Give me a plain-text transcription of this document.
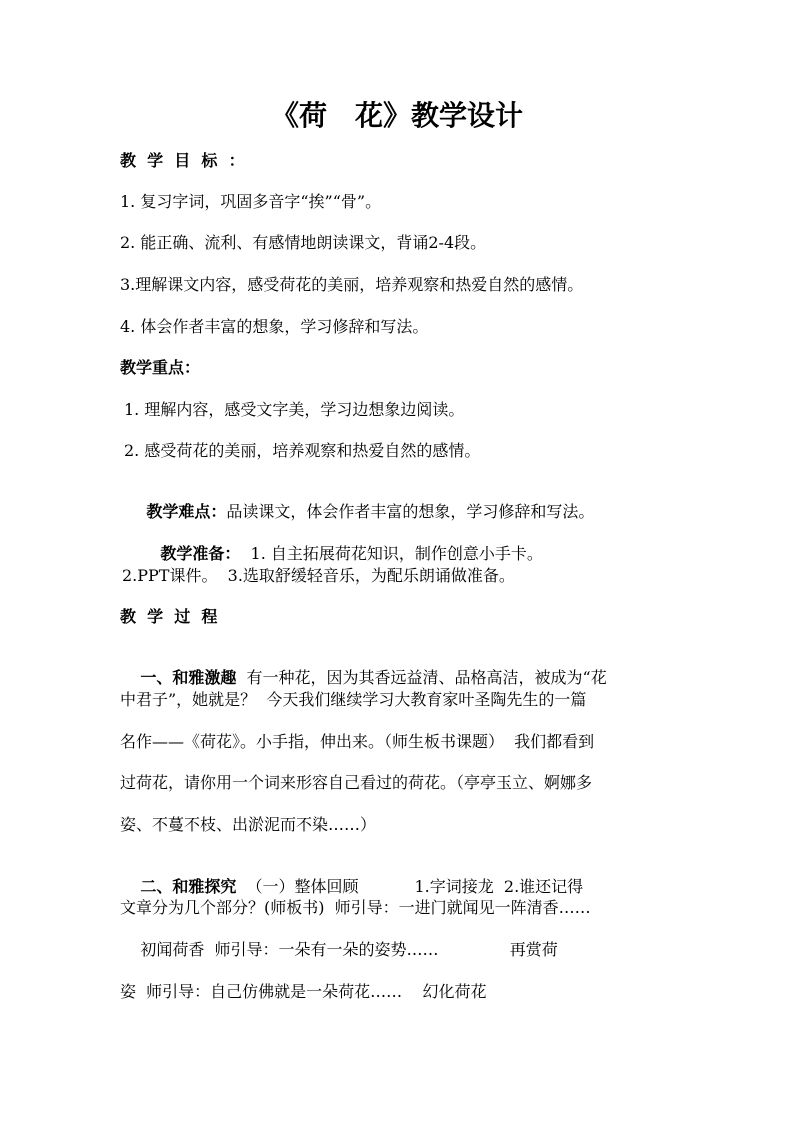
《荷　花》教学设计
教  学  目  标  ：
1. 复习字词，巩固多音字“挨”“骨”。
2. 能正确、流利、有感情地朗读课文，背诵2-4段。
3.理解课文内容，感受荷花的美丽，培养观察和热爱自然的感情。
4. 体会作者丰富的想象，学习修辞和写法。
教学重点：
1. 理解内容，感受文字美，学习边想象边阅读。
2. 感受荷花的美丽，培养观察和热爱自然的感情。

教学难点：品读课文，体会作者丰富的想象，学习修辞和写法。

教学准备：  1. 自主拓展荷花知识，制作创意小手卡。

2.PPT课件。  3.选取舒缓轻音乐，为配乐朗诵做准备。
教  学  过  程

一、和雅激趣  有一种花，因为其香远益清、品格高洁，被成为“花

中君子”，她就是？  今天我们继续学习大教育家叶圣陶先生的一篇
名作——《荷花》。小手指，伸出来。（师生板书课题）  我们都看到
过荷花，请你用一个词来形容自己看过的荷花。（亭亭玉立、婀娜多
姿、不蔓不枝、出淤泥而不染……）

二、和雅探究  （一）整体回顾           1.字词接龙  2.谁还记得

文章分为几个部分？(师板书)  师引导：一进门就闻见一阵清香……
初闻荷香  师引导：一朵有一朵的姿势……              再赏荷
姿  师引导：自己仿佛就是一朵荷花……    幻化荷花
